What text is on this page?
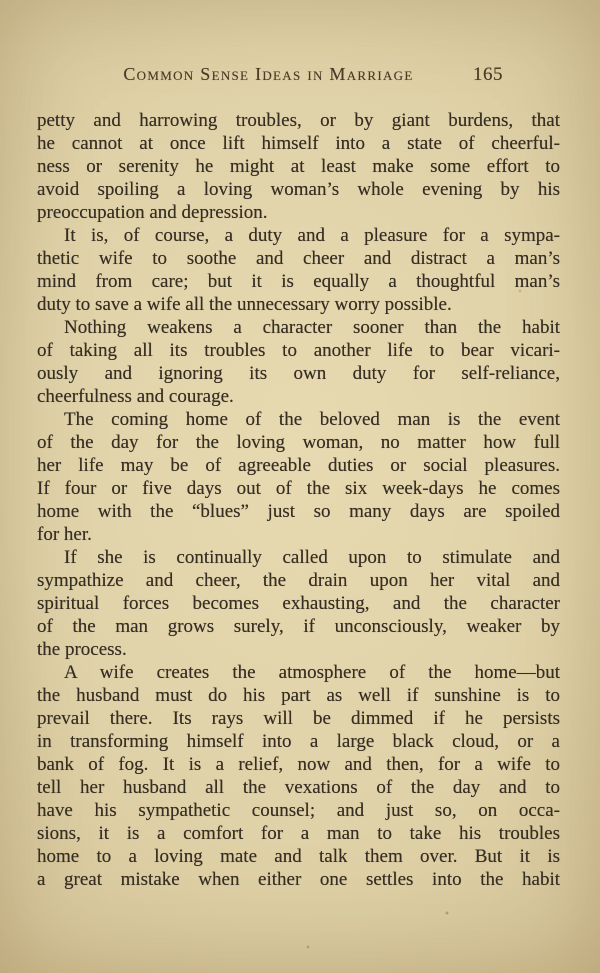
Common Sense Ideas in Marriage	165
petty and harrowing troubles, or by giant burdens, that
he cannot at once lift himself into a state of cheerful-
ness or serenity he might at least make some effort to
avoid spoiling a loving woman’s whole evening by his
preoccupation and depression.
It is, of course, a duty and a pleasure for a sympa-
thetic wife to soothe and cheer and distract a man’s
mind from care; but it is equally a thoughtful man’s
duty to save a wife all the unnecessary worry possible.
Nothing weakens a character sooner than the habit
of taking all its troubles to another life to bear vicari-
ously and ignoring its own duty for self-reliance,
cheerfulness and courage.
The coming home of the beloved man is the event
of the day for the loving woman, no matter how full
her life may be of agreeable duties or social pleasures.
If four or five days out of the six week-days he comes
home with the “blues” just so many days are spoiled
for her.
If she is continually called upon to stimulate and
sympathize and cheer, the drain upon her vital and
spiritual forces becomes exhausting, and the character
of the man grows surely, if unconsciously, weaker by
the process.
A wife creates the atmosphere of the home—but
the husband must do his part as well if sunshine is to
prevail there. Its rays will be dimmed if he persists
in transforming himself into a large black cloud, or a
bank of fog. It is a relief, now and then, for a wife to
tell her husband all the vexations of the day and to
have his sympathetic counsel; and just so, on occa-
sions, it is a comfort for a man to take his troubles
home to a loving mate and talk them over. But it is
a great mistake when either one settles into the habit
